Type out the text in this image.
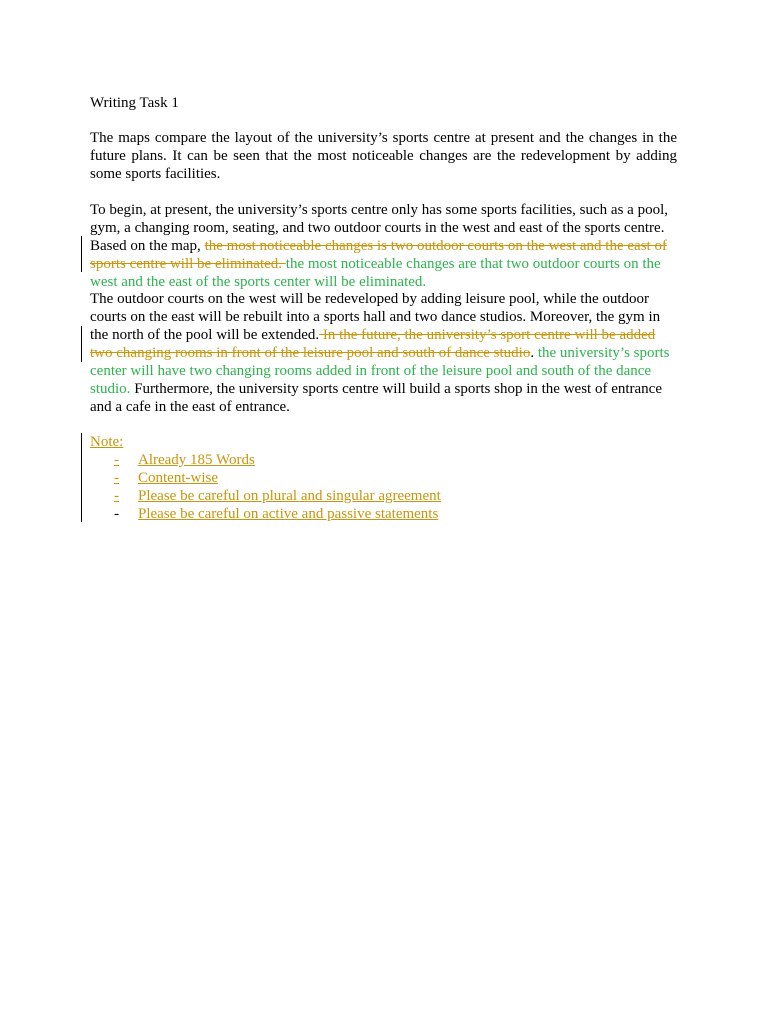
Writing Task 1
The maps compare the layout of the university’s sports centre at present and the changes in the future plans. It can be seen that the most noticeable changes are the redevelopment by adding some sports facilities.
To begin, at present, the university’s sports centre only has some sports facilities, such as a pool, gym, a changing room, seating, and two outdoor courts in the west and east of the sports centre. Based on the map, the most noticeable changes is two outdoor courts on the west and the east of sports centre will be eliminated. the most noticeable changes are that two outdoor courts on the west and the east of the sports center will be eliminated.
The outdoor courts on the west will be redeveloped by adding leisure pool, while the outdoor courts on the east will be rebuilt into a sports hall and two dance studios. Moreover, the gym in the north of the pool will be extended. In the future, the university’s sport centre will be added two changing rooms in front of the leisure pool and south of dance studio. the university’s sports center will have two changing rooms added in front of the leisure pool and south of the dance studio. Furthermore, the university sports centre will build a sports shop in the west of entrance and a cafe in the east of entrance.
Note:
- Already 185 Words
- Content-wise
- Please be careful on plural and singular agreement
- Please be careful on active and passive statements
